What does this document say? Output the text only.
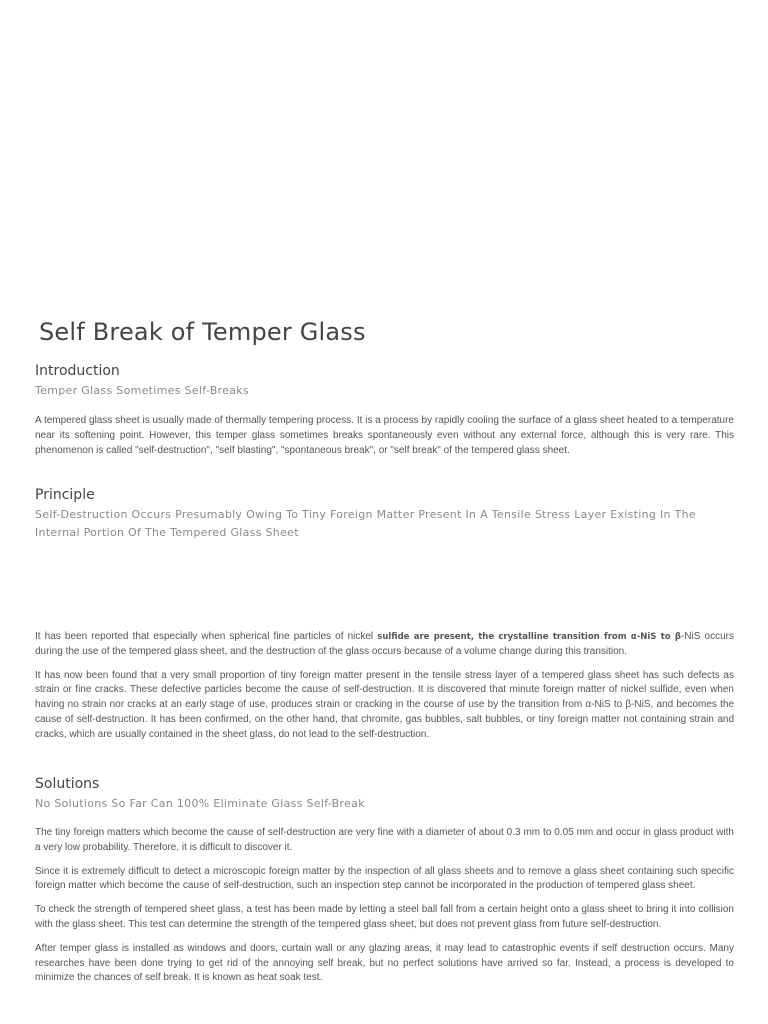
Self Break of Temper Glass
Introduction
Temper Glass Sometimes Self-Breaks

A tempered glass sheet is usually made of thermally tempering process. It is a process by rapidly cooling the surface of a glass sheet heated to a temperature near its softening point. However, this temper glass sometimes breaks spontaneously even without any external force, although this is very rare. This phenomenon is called "self-destruction", "self blasting", "spontaneous break", or "self break" of the tempered glass sheet.

Principle
Self-Destruction Occurs Presumably Owing To Tiny Foreign Matter Present In A Tensile Stress Layer Existing In The Internal Portion Of The Tempered Glass Sheet

It has been reported that especially when spherical fine particles of nickel sulfide are present, the crystalline transition from α-NiS to β-NiS occurs during the use of the tempered glass sheet, and the destruction of the glass occurs because of a volume change during this transition.

It has now been found that a very small proportion of tiny foreign matter present in the tensile stress layer of a tempered glass sheet has such defects as strain or fine cracks. These defective particles become the cause of self-destruction. It is discovered that minute foreign matter of nickel sulfide, even when having no strain nor cracks at an early stage of use, produces strain or cracking in the course of use by the transition from α-NiS to β-NiS, and becomes the cause of self-destruction. It has been confirmed, on the other hand, that chromite, gas bubbles, salt bubbles, or tiny foreign matter not containing strain and cracks, which are usually contained in the sheet glass, do not lead to the self-destruction.

Solutions
No Solutions So Far Can 100% Eliminate Glass Self-Break

The tiny foreign matters which become the cause of self-destruction are very fine with a diameter of about 0.3 mm to 0.05 mm and occur in glass product with a very low probability. Therefore, it is difficult to discover it.

Since it is extremely difficult to detect a microscopic foreign matter by the inspection of all glass sheets and to remove a glass sheet containing such specific foreign matter which become the cause of self-destruction, such an inspection step cannot be incorporated in the production of tempered glass sheet.

To check the strength of tempered sheet glass, a test has been made by letting a steel ball fall from a certain height onto a glass sheet to bring it into collision with the glass sheet. This test can determine the strength of the tempered glass sheet, but does not prevent glass from future self-destruction.

After temper glass is installed as windows and doors, curtain wall or any glazing areas, it may lead to catastrophic events if self destruction occurs. Many researches have been done trying to get rid of the annoying self break, but no perfect solutions have arrived so far. Instead, a process is developed to minimize the chances of self break. It is known as heat soak test.
